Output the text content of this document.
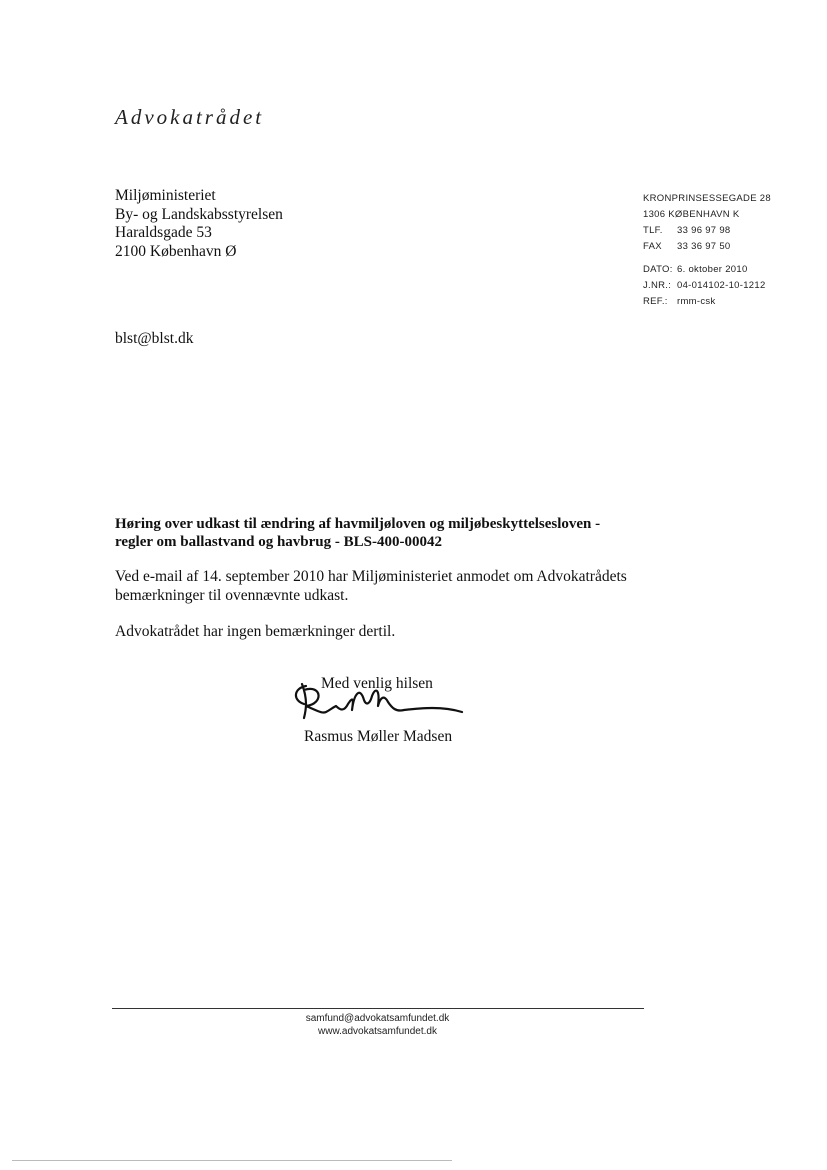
Advokatrådet
Miljøministeriet
By- og Landskabsstyrelsen
Haraldsgade 53
2100 København Ø
KRONPRINSESSEGADE 28
1306 KØBENHAVN K
TLF.	33 96 97 98
FAX	33 36 97 50
DATO: 6. oktober 2010
J.NR.: 04-014102-10-1212
REF.: rmm-csk
blst@blst.dk
Høring over udkast til ændring af havmiljøloven og miljøbeskyttelsesloven -
regler om ballastvand og havbrug - BLS-400-00042

Ved e-mail af 14. september 2010 har Miljøministeriet anmodet om Advokatrådets
bemærkninger til ovennævnte udkast.

Advokatrådet har ingen bemærkninger dertil.

Med venlig hilsen
Rasmus Møller Madsen
samfund@advokatsamfundet.dk
www.advokatsamfundet.dk
